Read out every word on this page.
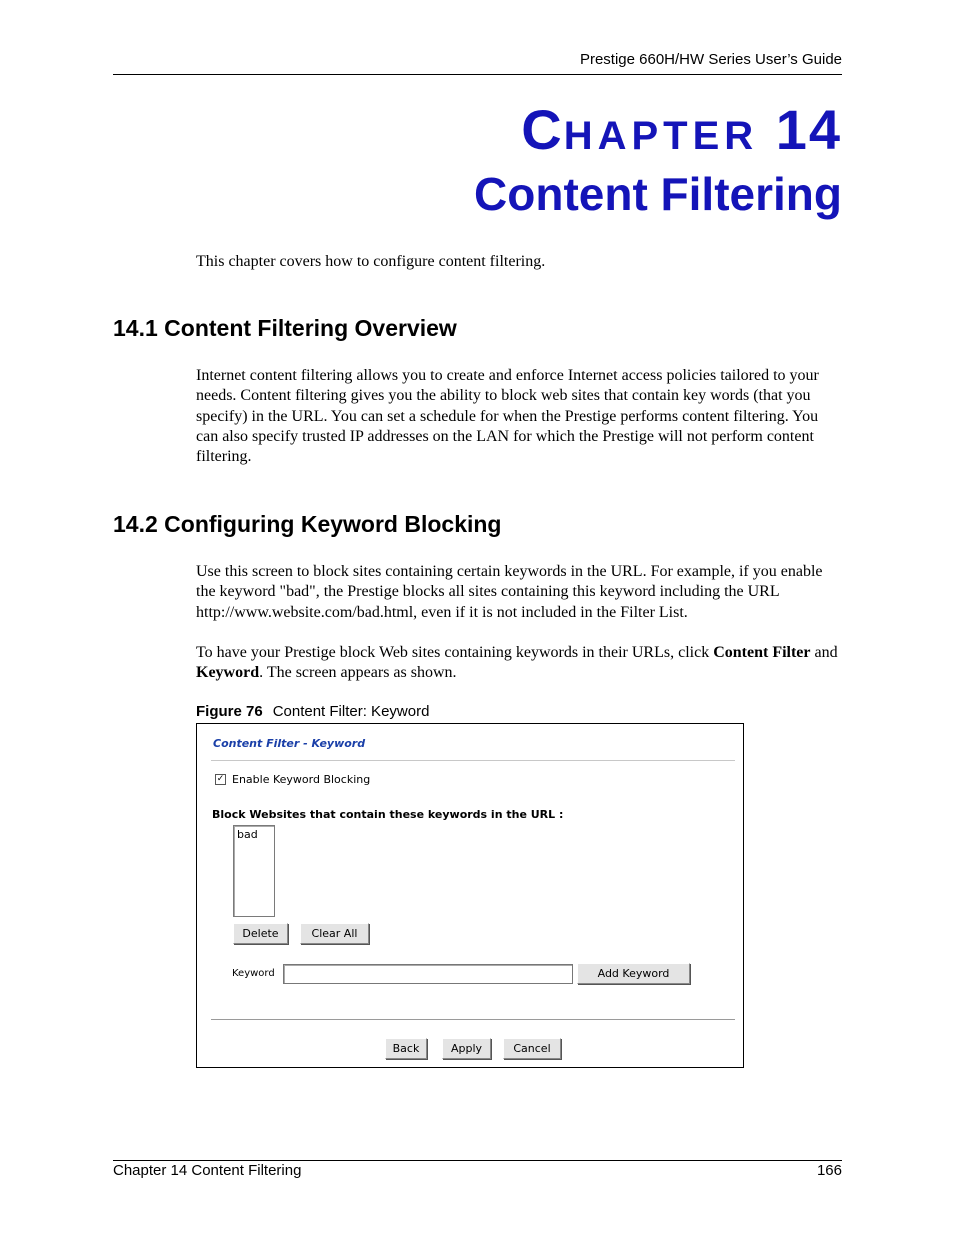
Prestige 660H/HW Series User’s Guide
CHAPTER 14
Content Filtering
This chapter covers how to configure content filtering.
14.1 Content Filtering Overview
Internet content filtering allows you to create and enforce Internet access policies tailored to your needs. Content filtering gives you the ability to block web sites that contain key words (that you specify) in the URL. You can set a schedule for when the Prestige performs content filtering. You can also specify trusted IP addresses on the LAN for which the Prestige will not perform content filtering.
14.2 Configuring Keyword Blocking
Use this screen to block sites containing certain keywords in the URL. For example, if you enable the keyword "bad", the Prestige blocks all sites containing this keyword including the URL http://www.website.com/bad.html, even if it is not included in the Filter List.
To have your Prestige block Web sites containing keywords in their URLs, click Content Filter and Keyword. The screen appears as shown.
Figure 76 Content Filter: Keyword
Content Filter - Keyword
✓ Enable Keyword Blocking
Block Websites that contain these keywords in the URL :
bad
Delete	Clear All
Keyword	Add Keyword
Back	Apply	Cancel
Chapter 14 Content Filtering	166
